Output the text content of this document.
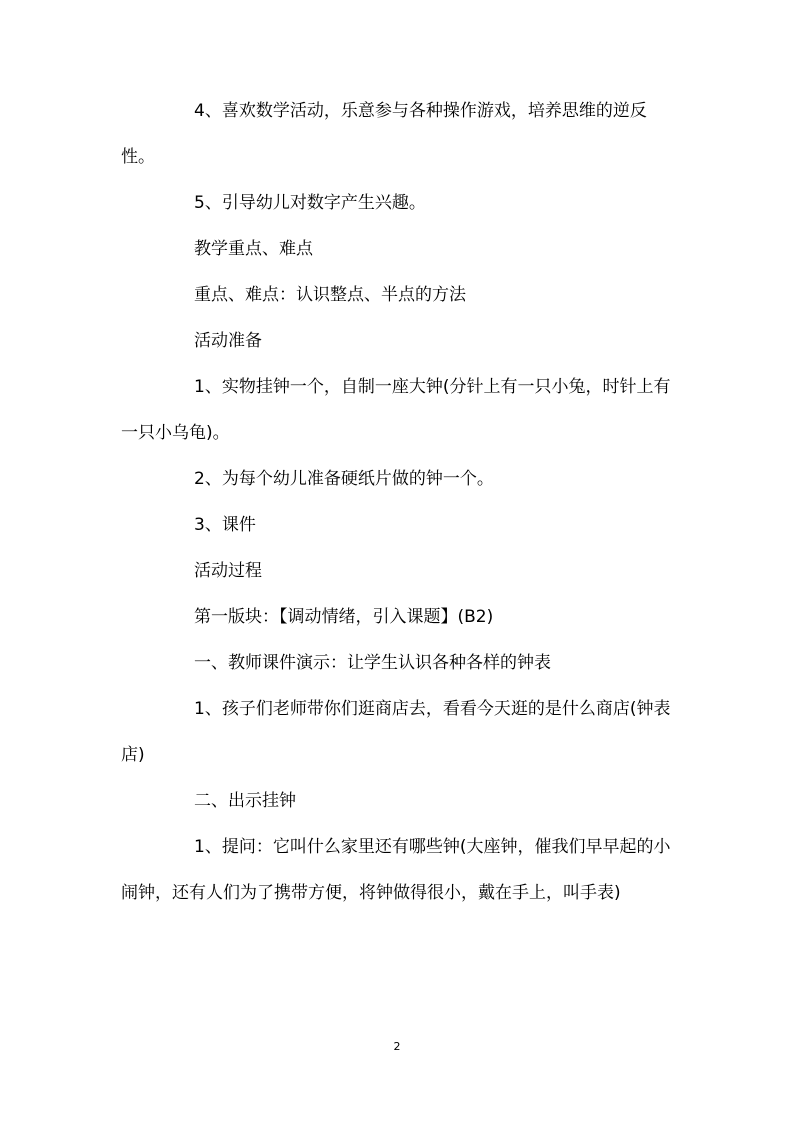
4、喜欢数学活动，乐意参与各种操作游戏，培养思维的逆反性。

5、引导幼儿对数字产生兴趣。

教学重点、难点

重点、难点：认识整点、半点的方法

活动准备

1、实物挂钟一个，自制一座大钟(分针上有一只小兔，时针上有一只小乌龟)。

2、为每个幼儿准备硬纸片做的钟一个。

3、课件

活动过程

第一版块：【调动情绪，引入课题】(B2)

一、教师课件演示：让学生认识各种各样的钟表

1、孩子们老师带你们逛商店去，看看今天逛的是什么商店(钟表店)

二、出示挂钟

1、提问：它叫什么家里还有哪些钟(大座钟，催我们早早起的小闹钟，还有人们为了携带方便，将钟做得很小，戴在手上，叫手表)

2
